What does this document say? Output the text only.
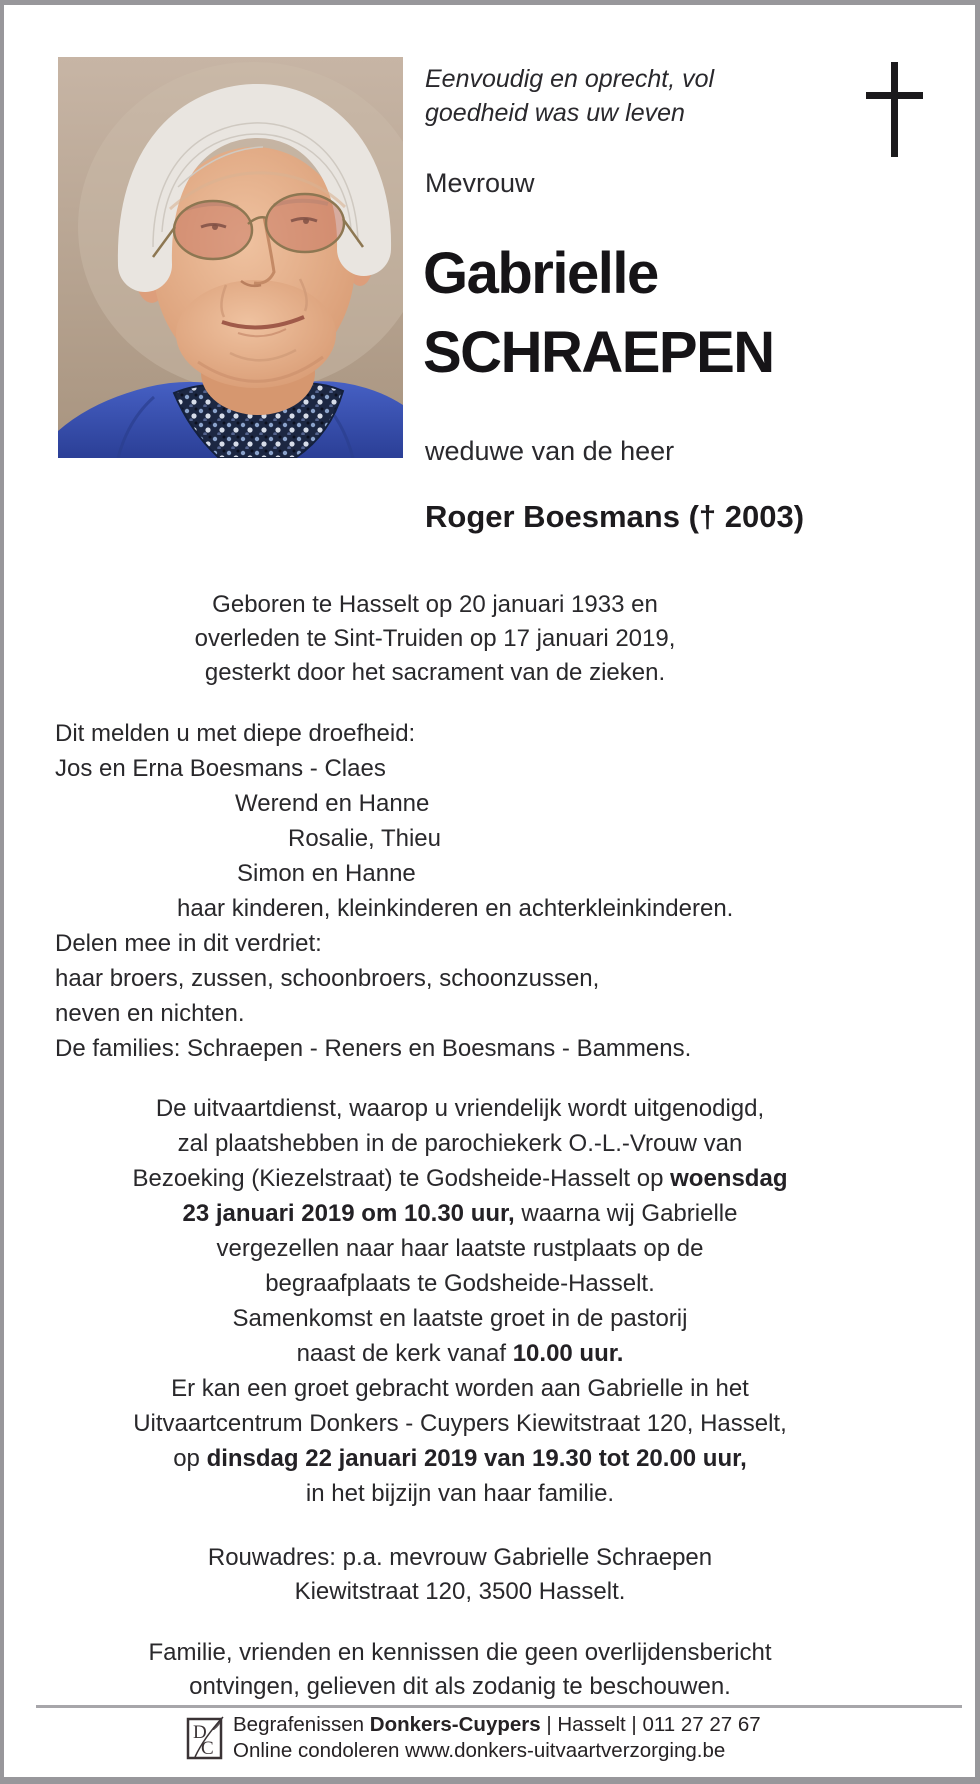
Eenvoudig en oprecht, vol
goedheid was uw leven
Mevrouw
Gabrielle
SCHRAEPEN
weduwe van de heer
Roger Boesmans († 2003)
Geboren te Hasselt op 20 januari 1933 en
overleden te Sint-Truiden op 17 januari 2019,
gesterkt door het sacrament van de zieken.
Dit melden u met diepe droefheid:
Jos en Erna Boesmans - Claes
Werend en Hanne
Rosalie, Thieu
Simon en Hanne
haar kinderen, kleinkinderen en achterkleinkinderen.
Delen mee in dit verdriet:
haar broers, zussen, schoonbroers, schoonzussen,
neven en nichten.
De families: Schraepen - Reners en Boesmans - Bammens.
De uitvaartdienst, waarop u vriendelijk wordt uitgenodigd,
zal plaatshebben in de parochiekerk O.-L.-Vrouw van
Bezoeking (Kiezelstraat) te Godsheide-Hasselt op woensdag
23 januari 2019 om 10.30 uur, waarna wij Gabrielle
vergezellen naar haar laatste rustplaats op de
begraafplaats te Godsheide-Hasselt.
Samenkomst en laatste groet in de pastorij
naast de kerk vanaf 10.00 uur.
Er kan een groet gebracht worden aan Gabrielle in het
Uitvaartcentrum Donkers - Cuypers Kiewitstraat 120, Hasselt,
op dinsdag 22 januari 2019 van 19.30 tot 20.00 uur,
in het bijzijn van haar familie.
Rouwadres: p.a. mevrouw Gabrielle Schraepen
Kiewitstraat 120, 3500 Hasselt.
Familie, vrienden en kennissen die geen overlijdensbericht
ontvingen, gelieven dit als zodanig te beschouwen.
D
C
Begrafenissen Donkers-Cuypers | Hasselt | 011 27 27 67
Online condoleren www.donkers-uitvaartverzorging.be
